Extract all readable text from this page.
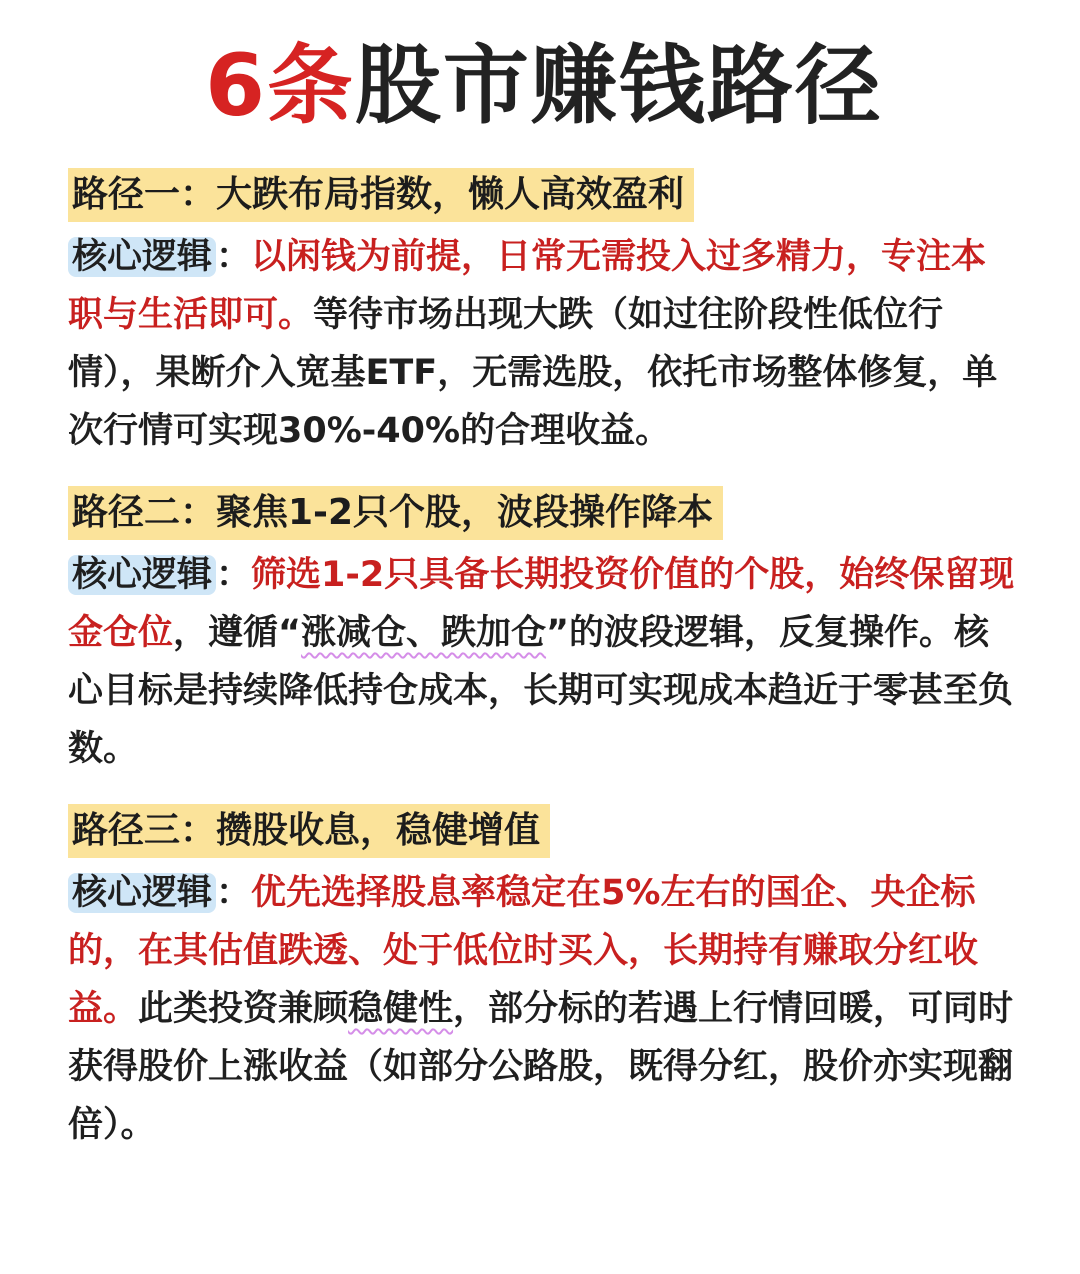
6条股市赚钱路径
路径一：大跌布局指数，懒人高效盈利

核心逻辑 ：以闲钱为前提，日常无需投入过多精力，专注本职与生活即可。等待市场出现大跌（如过往阶段性低位行情），果断介入宽基ETF，无需选股，依托市场整体修复，单次行情可实现30%-40%的合理收益。

路径二：聚焦1-2只个股，波段操作降本

核心逻辑 ：筛选1-2只具备长期投资价值的个股，始终保留现金仓位，遵循“涨减仓、跌加仓”的波段逻辑，反复操作。核心目标是持续降低持仓成本，长期可实现成本趋近于零甚至负数。

路径三：攒股收息，稳健增值

核心逻辑 ：优先选择股息率稳定在5%左右的国企、央企标的，在其估值跌透、处于低位时买入，长期持有赚取分红收益。此类投资兼顾稳健性，部分标的若遇上行情回暖，可同时获得股价上涨收益（如部分公路股，既得分红，股价亦实现翻倍）。
